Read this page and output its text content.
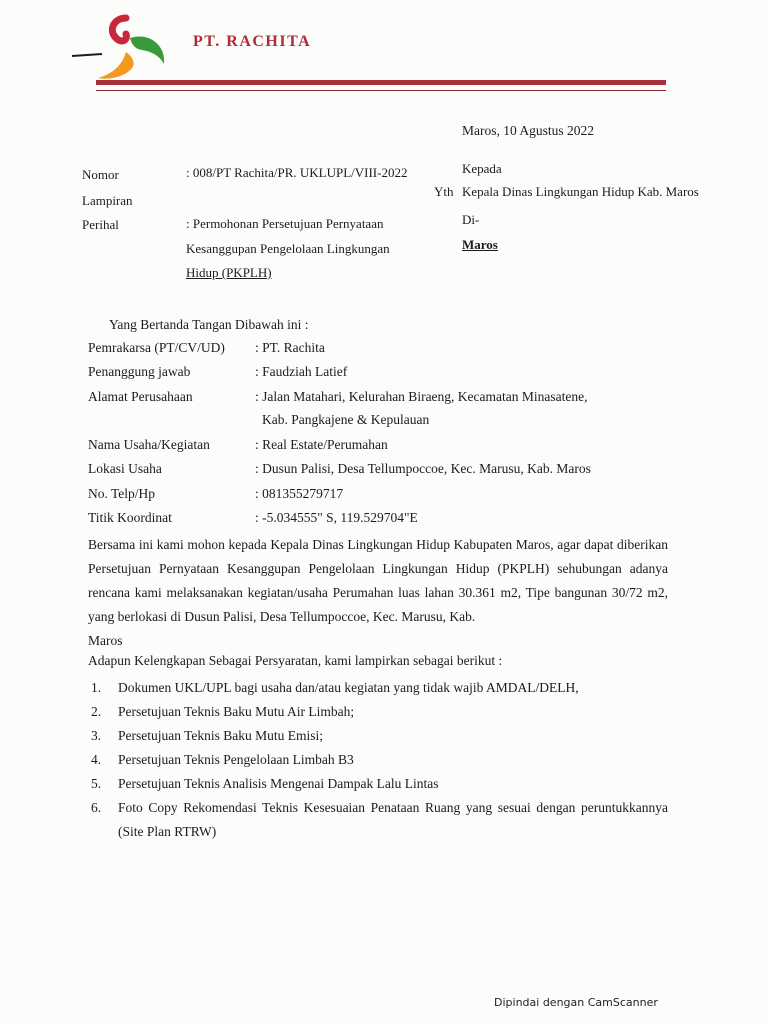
PT. RACHITA
Maros, 10 Agustus 2022
Nomor	: 008/PT Rachita/PR. UKLUPL/VIII-2022
Lampiran
Perihal	: Permohonan Persetujuan Pernyataan
Kesanggupan Pengelolaan Lingkungan
Hidup (PKPLH)
Kepada
Yth Kepala Dinas Lingkungan Hidup Kab. Maros
Di-
Maros
Yang Bertanda Tangan Dibawah ini :
Pemrakarsa (PT/CV/UD) : PT. Rachita
Penanggung jawab	: Faudziah Latief
Alamat Perusahaan	: Jalan Matahari, Kelurahan Biraeng, Kecamatan Minasatene,
Kab. Pangkajene & Kepulauan
Nama Usaha/Kegiatan	: Real Estate/Perumahan
Lokasi Usaha	: Dusun Palisi, Desa Tellumpoccoe, Kec. Marusu, Kab. Maros
No. Telp/Hp	: 081355279717
Titik Koordinat	: -5.034555" S, 119.529704"E
Bersama ini kami mohon kepada Kepala Dinas Lingkungan Hidup Kabupaten Maros, agar dapat diberikan Persetujuan Pernyataan Kesanggupan Pengelolaan Lingkungan Hidup (PKPLH) sehubungan adanya rencana kami melaksanakan kegiatan/usaha Perumahan luas lahan 30.361 m2, Tipe bangunan 30/72 m2, yang berlokasi di Dusun Palisi, Desa Tellumpoccoe, Kec. Marusu, Kab.
Maros
Adapun Kelengkapan Sebagai Persyaratan, kami lampirkan sebagai berikut :
1. Dokumen UKL/UPL bagi usaha dan/atau kegiatan yang tidak wajib AMDAL/DELH,
2. Persetujuan Teknis Baku Mutu Air Limbah;
3. Persetujuan Teknis Baku Mutu Emisi;
4. Persetujuan Teknis Pengelolaan Limbah B3
5. Persetujuan Teknis Analisis Mengenai Dampak Lalu Lintas
6. Foto Copy Rekomendasi Teknis Kesesuaian Penataan Ruang yang sesuai dengan peruntukkannya (Site Plan RTRW)
Dipindai dengan CamScanner
